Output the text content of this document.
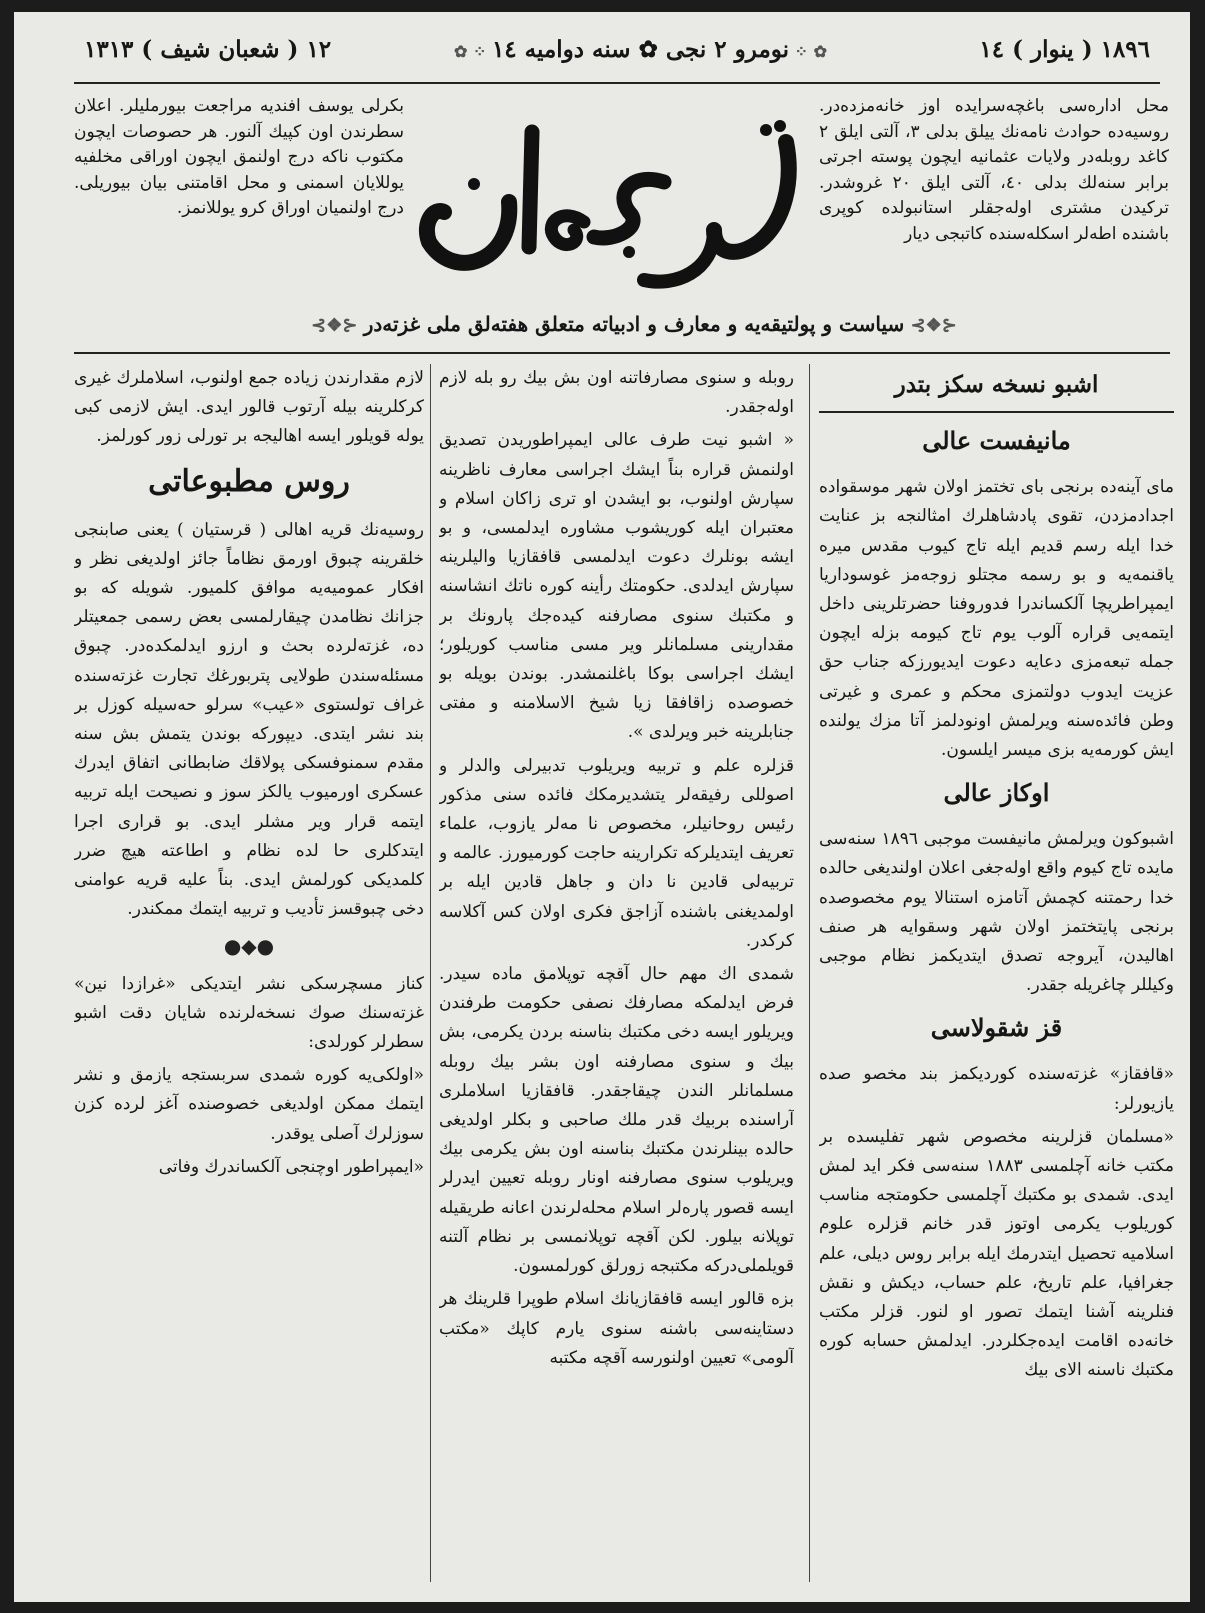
١٨٩٦ ( ينوار ) ١٤
✿ ⁘ نومرو ٢ نجى ✿ سنه دواميه ١٤ ⁘ ✿
١٢ ( شعبان شيف ) ١٣١٣
محل اداره‌سى باغچه‌سرايده اوز خانه‌مزده‌در. روسيه‌ده حوادث نامه‌نك ييلق بدلى ٣، آلتى ايلق ٢ كاغد روبله‌در ولايات عثمانيه ايچون پوسته اجرتى برابر سنه‌لك بدلى ٤٠، آلتى ايلق ٢٠ غروشدر. تركيدن مشترى اوله‌جقلر استانبولده كوپرى باشنده اطه‌لر اسكله‌سنده كاتبجى ديار
بكرلى يوسف افنديه مراجعت بيورمليلر. اعلان سطرندن اون كپيك آلنور. هر حصوصات ايچون مكتوب ناكه درج اولنمق ايچون اوراقى مخلفيه يوللايان اسمنى و محل اقامتنى بيان بيوريلى. درج اولنميان اوراق كرو يوللانمز.
⊰❖⊱ سياست و پولتيقه‌يه و معارف و ادبياته متعلق هفته‌لق ملى غزته‌در ⊰❖⊱
اشبو نسخه سكز بتدر
مانيفست عالى

ماى آينه‌ده برنجى باى تختمز اولان شهر موسقواده اجدادمزدن، تقوى پادشاهلرك امثالنجه بز عنايت خدا ايله رسم قديم ايله تاج كيوب مقدس ميره ياقنمه‌يه و بو رسمه مجتلو زوجه‌مز غوسوداريا ايمپراطريچا آلكساندرا فدوروفنا حضرتلرينى داخل ايتمه‌يى قراره آلوب يوم تاج كيومه بزله ايچون جمله تبعه‌مزى دعايه دعوت ايديورزكه جناب حق عزيت ايدوب دولتمزى محكم و عمرى و غيرتى وطن فائده‌سنه ويرلمش اونودلمز آتا مزك يولنده ايش كورمه‌يه بزى ميسر ايلسون.

اوكاز عالى

اشبوكون ويرلمش مانيفست موجبى ١٨٩٦ سنه‌سى مايده تاج كيوم واقع اوله‌جغى اعلان اولنديغى حالده خدا رحمتنه كچمش آتامزه استنالا يوم مخصوصده برنجى پايتختمز اولان شهر وسقوايه هر صنف اهاليدن، آيروجه تصدق ايتديكمز نظام موجبى وكيللر چاغريله جقدر.

قز شقولاسى

«قافقاز» غزته‌سنده كورديكمز بند مخصو صده يازيورلر:

«مسلمان قزلرينه مخصوص شهر تفليسده بر مكتب خانه آچلمسى ١٨٨٣ سنه‌سى فكر ايد لمش ايدى. شمدى بو مكتبك آچلمسى حكومتجه مناسب كوريلوب يكرمى اوتوز قدر خانم قزلره علوم اسلاميه تحصيل ايتدرمك ايله برابر روس ديلى، علم جغرافيا، علم تاريخ، علم حساب، ديكش و نقش فنلرينه آشنا ايتمك تصور او لنور. قزلر مكتب خانه‌ده اقامت ايده‌جكلردر. ايدلمش حسابه كوره مكتبك ناسنه الاى بيك

روبله و سنوى مصارفاتنه اون بش بيك رو بله لازم اوله‌جقدر.

« اشبو نيت طرف عالى ايمپراطوريدن تصديق اولنمش قراره بناً ايشك اجراسى معارف ناظرينه سپارش اولنوب، بو ايشدن او ترى زاكان اسلام و معتبران ايله كوريشوب مشاوره ايدلمسى، و بو ايشه بونلرك دعوت ايدلمسى قافقازيا واليلرينه سپارش ايدلدى. حكومتك رأينه كوره ناتك انشاسنه و مكتبك سنوى مصارفنه كيده‌جك پارونك بر مقدارينى مسلمانلر وير مسى مناسب كوريلور؛ ايشك اجراسى بوكا باغلنمشدر. بوندن بويله بو خصوصده زاقافقا زيا شيخ الاسلامنه و مفتى جنابلرينه خبر ويرلدى ».

قزلره علم و تربيه ويريلوب تدبيرلى والدلر و اصوللى رفيقه‌لر يتشديرمكك فائده سنى مذكور رئيس روحانيلر، مخصوص نا مه‌لر يازوب، علماء تعريف ايتديلركه تكرارينه حاجت كورميورز. عالمه و تربيه‌لى قادين نا دان و جاهل قادين ايله بر اولمديغنى باشنده آزاجق فكرى اولان كس آكلاسه كركدر.

شمدى اك مهم حال آقچه توپلامق ماده سيدر. فرض ايدلمكه مصارفك نصفى حكومت طرفندن ويريلور ايسه دخى مكتبك بناسنه بردن يكرمى، بش بيك و سنوى مصارفنه اون بشر بيك روبله مسلمانلر الندن چيقاجقدر. قافقازيا اسلاملرى آراسنده بربيك قدر ملك صاحبى و بكلر اولديغى حالده بينلرندن مكتبك بناسنه اون بش يكرمى بيك ويريلوب سنوى مصارفنه اونار روبله تعيين ايدرلر ايسه قصور پاره‌لر اسلام محله‌لرندن اعانه طريقيله توپلانه بيلور. لكن آقچه توپلانمسى بر نظام آلتنه قويلملى‌دركه مكتبجه زورلق كورلمسون.

بزه قالور ايسه قافقازيانك اسلام طوپرا قلرينك هر دستاينه‌سى باشنه سنوى يارم كاپك «مكتب آلومى» تعيين اولنورسه آقچه مكتبه

لازم مقدارندن زياده جمع اولنوب، اسلاملرك غيرى كركلرينه بيله آرتوب قالور ايدى. ايش لازمى كبى يوله قويلور ايسه اهاليجه بر تورلى زور كورلمز.

روس مطبوعاتى

روسيه‌نك قريه اهالى ( قرستيان ) يعنى صابنجى خلقرينه چبوق اورمق نظاماً جائز اولديغى نظر و افكار عموميه‌يه موافق كلميور. شويله كه بو جزانك نظامدن چيقارلمسى بعض رسمى جمعيتلر ده، غزته‌لرده بحث و ارزو ايدلمكده‌در. چبوق مسئله‌سندن طولايى پتربورغك تجارت غزته‌سنده غراف تولستوى «عيب» سرلو حه‌سيله كوزل بر بند نشر ايتدى. ديپوركه بوندن يتمش بش سنه مقدم سمنوفسكى پولاقك ضابطانى اتفاق ايدرك عسكرى اورميوب يالكز سوز و نصيحت ايله تربيه ايتمه قرار وير مشلر ايدى. بو قرارى اجرا ايتدكلرى حا لده نظام و اطاعته هيچ ضرر كلمديكى كورلمش ايدى. بناً عليه قريه عوامنى دخى چبوقسز تأديب و تربيه ايتمك ممكندر.

●◆●

كناز مسچرسكى نشر ايتديكى «غرازدا نين» غزته‌سنك صوك نسخه‌لرنده شايان دقت اشبو سطرلر كورلدى:

«اولكى‌يه كوره شمدى سربستجه يازمق و نشر ايتمك ممكن اولديغى خصوصنده آغز لرده كزن سوزلرك آصلى يوقدر.

«ايمپراطور اوچنجى آلكساندرك وفاتى
